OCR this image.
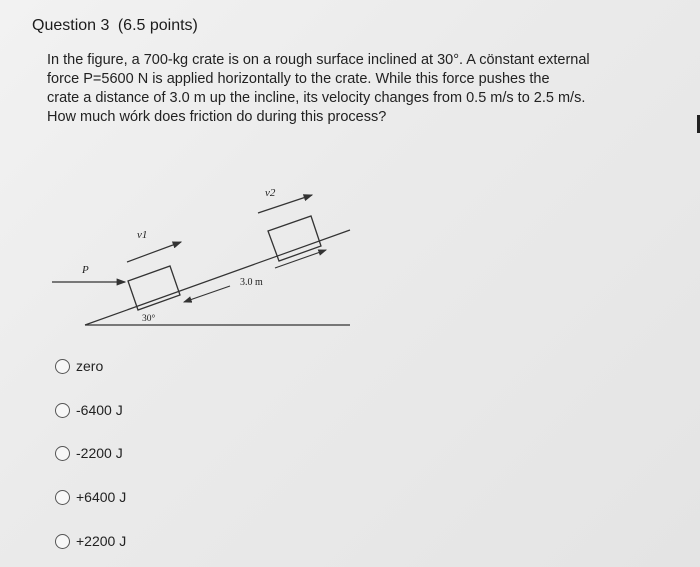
Question 3 (6.5 points)
In the figure, a 700-kg crate is on a rough surface inclined at 30°. A cönstant external
force P=5600 N is applied horizontally to the crate. While this force pushes the
crate a distance of 3.0 m up the incline, its velocity changes from 0.5 m/s to 2.5 m/s.
How much wórk does friction do during this process?
P
v1
v2
3.0 m
30°
zero
-6400 J
-2200 J
+6400 J
+2200 J
